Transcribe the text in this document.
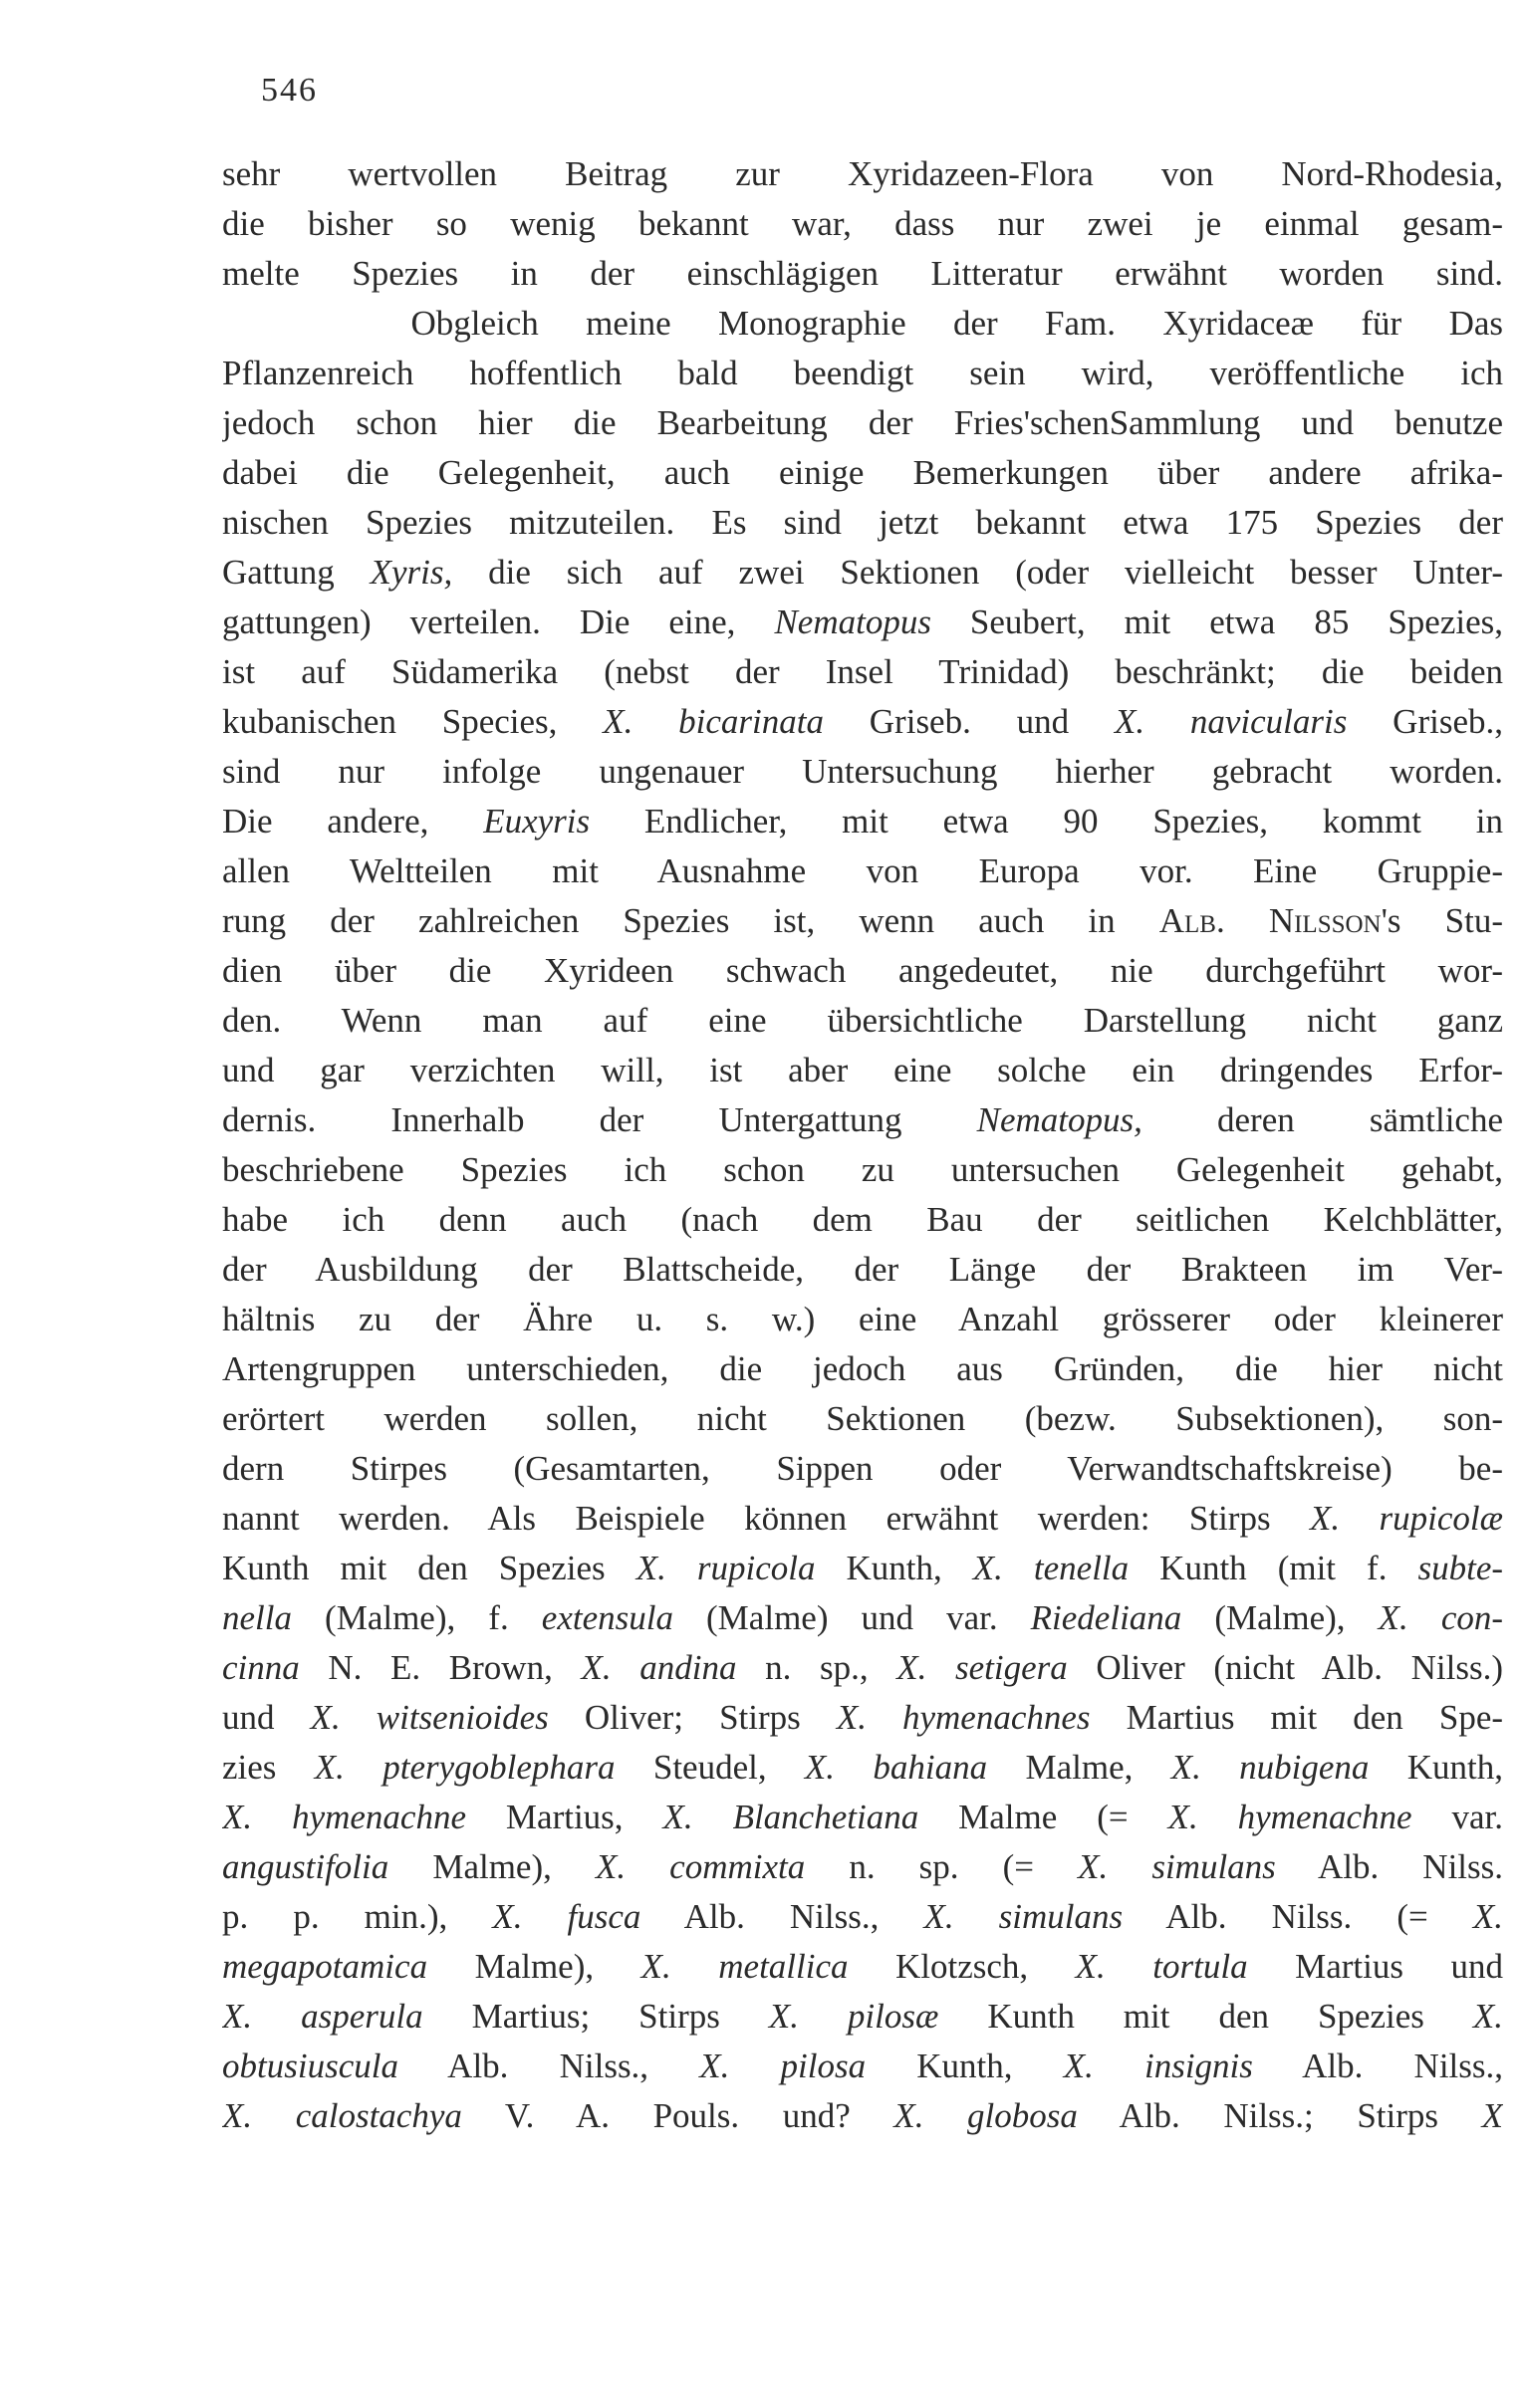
546
sehr wertvollen Beitrag zur Xyridazeen-Flora von Nord-Rhodesia,
die bisher so wenig bekannt war, dass nur zwei je einmal gesam-
melte Spezies in der einschlägigen Litteratur erwähnt worden sind.
Obgleich meine Monographie der Fam. Xyridaceæ für Das
Pflanzenreich hoffentlich bald beendigt sein wird, veröffentliche ich
jedoch schon hier die Bearbeitung der Fries'schenSammlung und benutze
dabei die Gelegenheit, auch einige Bemerkungen über andere afrika-
nischen Spezies mitzuteilen. Es sind jetzt bekannt etwa 175 Spezies der
Gattung Xyris, die sich auf zwei Sektionen (oder vielleicht besser Unter-
gattungen) verteilen. Die eine, Nematopus Seubert, mit etwa 85 Spezies,
ist auf Südamerika (nebst der Insel Trinidad) beschränkt; die beiden
kubanischen Species, X. bicarinata Griseb. und X. navicularis Griseb.,
sind nur infolge ungenauer Untersuchung hierher gebracht worden.
Die andere, Euxyris Endlicher, mit etwa 90 Spezies, kommt in
allen Weltteilen mit Ausnahme von Europa vor. Eine Gruppie-
rung der zahlreichen Spezies ist, wenn auch in Alb. Nilsson's Stu-
dien über die Xyrideen schwach angedeutet, nie durchgeführt wor-
den. Wenn man auf eine übersichtliche Darstellung nicht ganz
und gar verzichten will, ist aber eine solche ein dringendes Erfor-
dernis. Innerhalb der Untergattung Nematopus, deren sämtliche
beschriebene Spezies ich schon zu untersuchen Gelegenheit gehabt,
habe ich denn auch (nach dem Bau der seitlichen Kelchblätter,
der Ausbildung der Blattscheide, der Länge der Brakteen im Ver-
hältnis zu der Ähre u. s. w.) eine Anzahl grösserer oder kleinerer
Artengruppen unterschieden, die jedoch aus Gründen, die hier nicht
erörtert werden sollen, nicht Sektionen (bezw. Subsektionen), son-
dern Stirpes (Gesamtarten, Sippen oder Verwandtschaftskreise) be-
nannt werden. Als Beispiele können erwähnt werden: Stirps X. rupicolæ
Kunth mit den Spezies X. rupicola Kunth, X. tenella Kunth (mit f. subte-
nella (Malme), f. extensula (Malme) und var. Riedeliana (Malme), X. con-
cinna N. E. Brown, X. andina n. sp., X. setigera Oliver (nicht Alb. Nilss.)
und X. witsenioides Oliver; Stirps X. hymenachnes Martius mit den Spe-
zies X. pterygoblephara Steudel, X. bahiana Malme, X. nubigena Kunth,
X. hymenachne Martius, X. Blanchetiana Malme (= X. hymenachne var.
angustifolia Malme), X. commixta n. sp. (= X. simulans Alb. Nilss.
p. p. min.), X. fusca Alb. Nilss., X. simulans Alb. Nilss. (= X.
megapotamica Malme), X. metallica Klotzsch, X. tortula Martius und
X. asperula Martius; Stirps X. pilosæ Kunth mit den Spezies X.
obtusiuscula Alb. Nilss., X. pilosa Kunth, X. insignis Alb. Nilss.,
X. calostachya V. A. Pouls. und? X. globosa Alb. Nilss.; Stirps X
